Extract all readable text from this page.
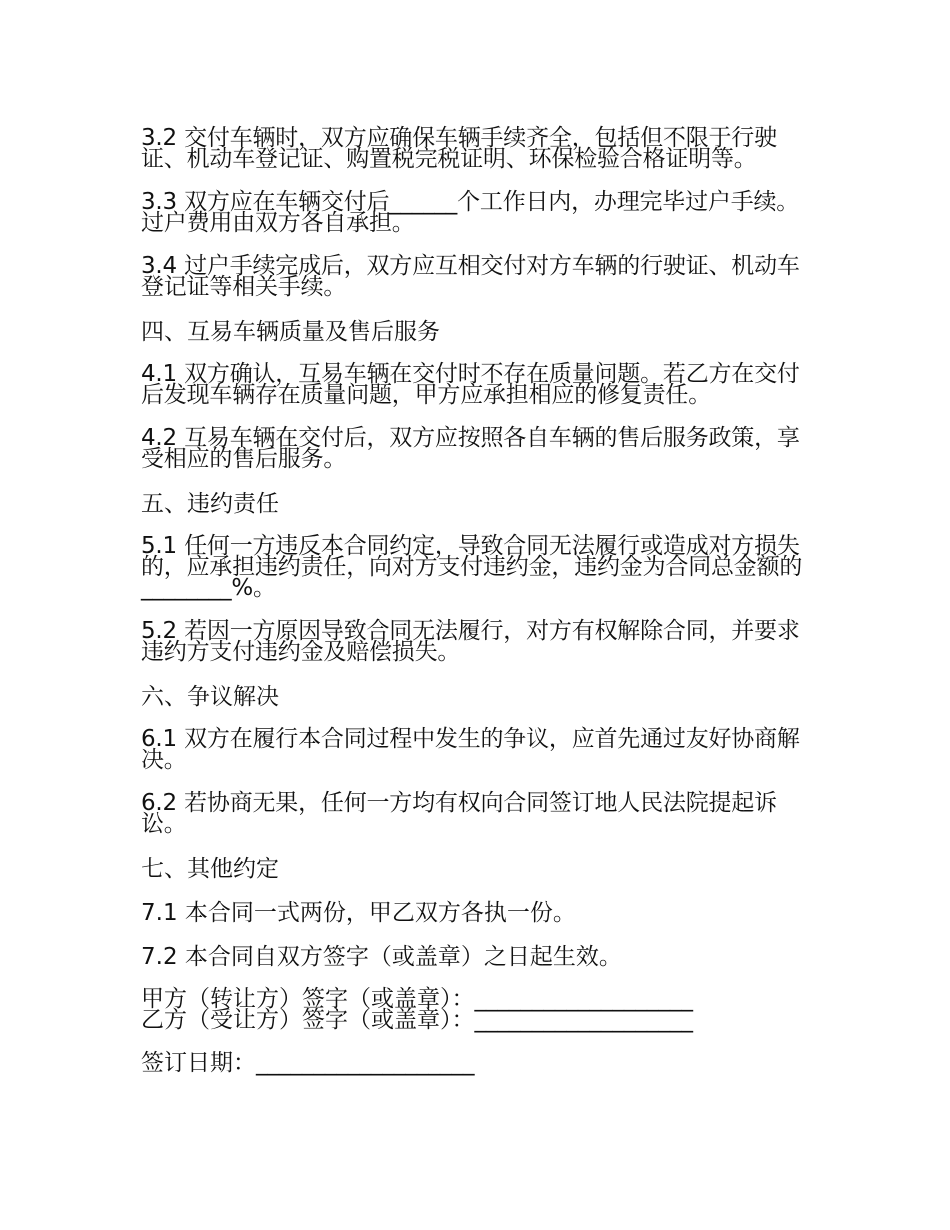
3.2 交付车辆时，双方应确保车辆手续齐全，包括但不限于行驶证、机动车登记证、购置税完税证明、环保检验合格证明等。

3.3 双方应在车辆交付后______个工作日内，办理完毕过户手续。过户费用由双方各自承担。

3.4 过户手续完成后，双方应互相交付对方车辆的行驶证、机动车登记证等相关手续。

四、互易车辆质量及售后服务

4.1 双方确认，互易车辆在交付时不存在质量问题。若乙方在交付后发现车辆存在质量问题，甲方应承担相应的修复责任。

4.2 互易车辆在交付后，双方应按照各自车辆的售后服务政策，享受相应的售后服务。

五、违约责任

5.1 任何一方违反本合同约定，导致合同无法履行或造成对方损失的，应承担违约责任，向对方支付违约金，违约金为合同总金额的________%。

5.2 若因一方原因导致合同无法履行，对方有权解除合同，并要求违约方支付违约金及赔偿损失。

六、争议解决

6.1 双方在履行本合同过程中发生的争议，应首先通过友好协商解决。

6.2 若协商无果，任何一方均有权向合同签订地人民法院提起诉讼。

七、其他约定

7.1 本合同一式两份，甲乙双方各执一份。

7.2 本合同自双方签字（或盖章）之日起生效。

甲方（转让方）签字（或盖章）：___________________

乙方（受让方）签字（或盖章）：___________________

签订日期：___________________
